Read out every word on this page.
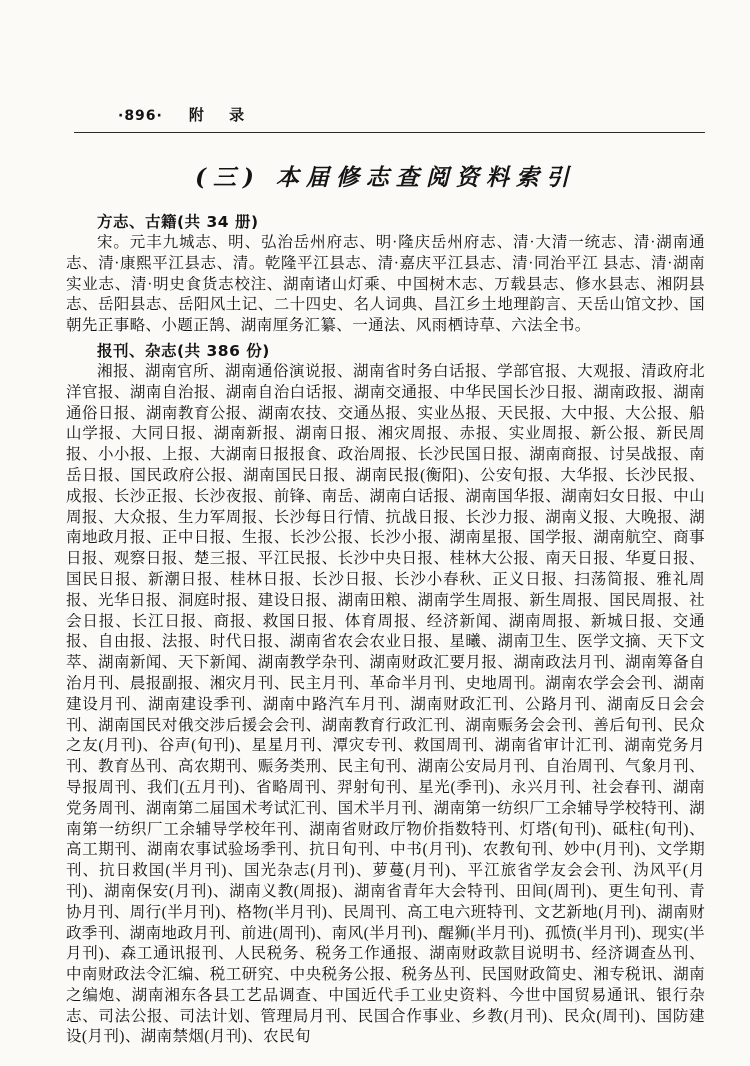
·896· 附 录
(三) 本届修志查阅资料索引
方志、古籍(共 34 册)

宋。元丰九城志、明、弘治岳州府志、明·隆庆岳州府志、清·大清一统志、清·湖南通志、清·康熙平江县志、清。乾隆平江县志、清·嘉庆平江县志、清·同治平江 县志、清·湖南实业志、清·明史食货志校注、湖南诸山灯乘、中国树木志、万载县志、修水县志、湘阴县志、岳阳县志、岳阳风土记、二十四史、名人词典、昌江乡土地理韵言、天岳山馆文抄、国朝先正事略、小题正鹄、湖南厘务汇纂、一通法、风雨栖诗草、六法全书。

报刊、杂志(共 386 份)

湘报、湖南官所、湖南通俗演说报、湖南省时务白话报、学部官报、大观报、清政府北洋官报、湖南自治报、湖南自治白话报、湖南交通报、中华民国长沙日报、湖南政报、湖南通俗日报、湖南教育公报、湖南农技、交通丛报、实业丛报、天民报、大中报、大公报、船山学报、大同日报、湖南新报、湖南日报、湘灾周报、赤报、实业周报、新公报、新民周报、小小报、上报、大湖南日报报食、政治周报、长沙民国日报、湖南商报、讨吴战报、南岳日报、国民政府公报、湖南国民日报、湖南民报(衡阳)、公安旬报、大华报、长沙民报、成报、长沙正报、长沙夜报、前锋、南岳、湖南白话报、湖南国华报、湖南妇女日报、中山周报、大众报、生力军周报、长沙每日行情、抗战日报、长沙力报、湖南义报、大晚报、湖南地政月报、正中日报、生报、长沙公报、长沙小报、湖南星报、国学报、湖南航空、商事日报、观察日报、楚三报、平江民报、长沙中央日报、桂林大公报、南天日报、华夏日报、国民日报、新潮日报、桂林日报、长沙日报、长沙小春秋、正义日报、扫荡简报、雅礼周报、光华日报、洞庭时报、建设日报、湖南田粮、湖南学生周报、新生周报、国民周报、社会日报、长江日报、商报、救国日报、体育周报、经济新闻、湖南周报、新城日报、交通报、自由报、法报、时代日报、湖南省农会农业日报、星曦、湖南卫生、医学文摘、天下文萃、湖南新闻、天下新闻、湖南教学杂刊、湖南财政汇要月报、湖南政法月刊、湖南筹备自治月刊、晨报副报、湘灾月刊、民主月刊、革命半月刊、史地周刊。湖南农学会会刊、湖南建设月刊、湖南建设季刊、湖南中路汽车月刊、湖南财政汇刊、公路月刊、湖南反日会会刊、湖南国民对俄交涉后援会会刊、湖南教育行政汇刊、湖南赈务会会刊、善后旬刊、民众之友(月刊)、谷声(旬刊)、星星月刊、潭灾专刊、救国周刊、湖南省审计汇刊、湖南党务月刊、教育丛刊、高农期刊、赈务类刑、民主旬刊、湖南公安局月刊、自治周刊、气象月刊、导报周刊、我们(五月刊)、省略周刊、羿射旬刊、星光(季刊)、永兴月刊、社会春刊、湖南党务周刊、湖南第二届国术考试汇刊、国术半月刊、湖南第一纺织厂工余辅导学校特刊、湖南第一纺织厂工余辅导学校年刊、湖南省财政厅物价指数特刊、灯塔(旬刊)、砥柱(旬刊)、高工期刊、湖南农事试验场季刊、抗日旬刊、中书(月刊)、农教旬刊、妙中(月刊)、文学期刊、抗日救国(半月刊)、国光杂志(月刊)、萝蔓(月刊)、平江旅省学友会会刊、沩风平(月刊)、湖南保安(月刊)、湖南义教(周报)、湖南省青年大会特刊、田间(周刊)、更生旬刊、青协月刊、周行(半月刊)、格物(半月刊)、民周刊、高工电六班特刊、文艺新地(月刊)、湖南财政季刊、湖南地政月刊、前进(周刊)、南风(半月刊)、醒狮(半月刊)、孤愤(半月刊)、现实(半月刊)、森工通讯报刊、人民税务、税务工作通报、湖南财政款目说明书、经济调查丛刊、中南财政法令汇编、税工研究、中央税务公报、税务丛刊、民国财政简史、湘专税讯、湖南之编炮、湖南湘东各县工艺品调查、中国近代手工业史资料、今世中国贸易通讯、银行杂志、司法公报、司法计划、管理局月刊、民国合作事业、乡教(月刊)、民众(周刊)、国防建设(月刊)、湖南禁烟(月刊)、农民旬
